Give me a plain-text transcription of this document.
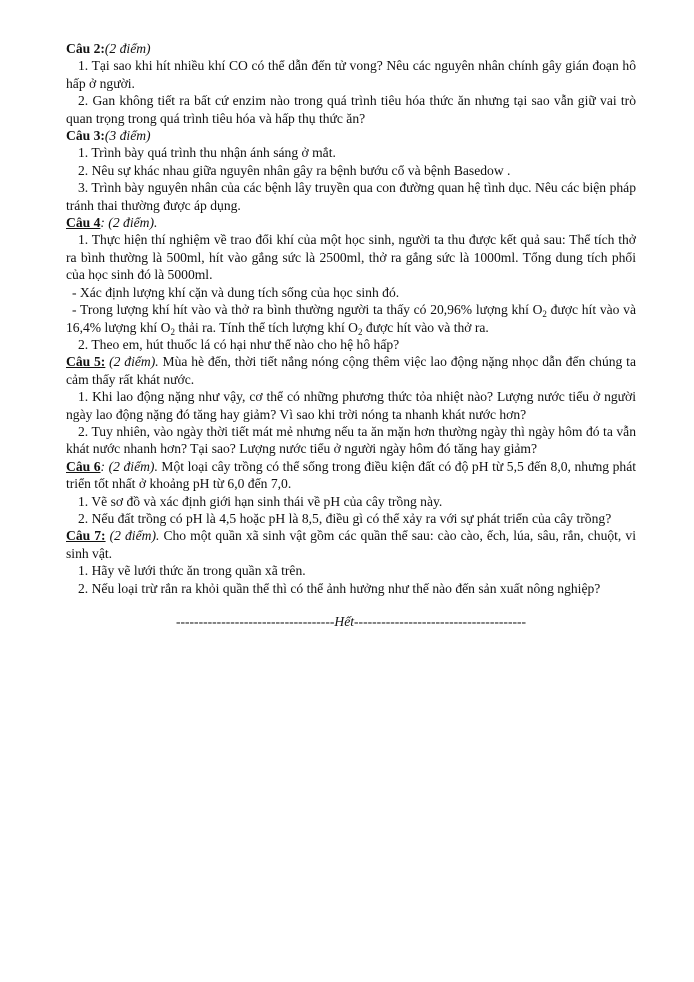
Câu 2:(2 điểm)

1. Tại sao khi hít nhiều khí CO có thể dẫn đến tử vong? Nêu các nguyên nhân chính gây gián đoạn hô hấp ở người.

2. Gan không tiết ra bất cứ enzim nào trong quá trình tiêu hóa thức ăn nhưng tại sao vẫn giữ vai trò quan trọng trong quá trình tiêu hóa và hấp thụ thức ăn?

Câu 3:(3 điểm)

1. Trình bày quá trình thu nhận ánh sáng ở mắt.

2. Nêu sự khác nhau giữa nguyên nhân gây ra bệnh bướu cổ và bệnh Basedow .

3. Trình bày nguyên nhân của các bệnh lây truyền qua con đường quan hệ tình dục. Nêu các biện pháp tránh thai thường được áp dụng.

Câu 4: (2 điểm).

1. Thực hiện thí nghiệm về trao đổi khí của một học sinh, người ta thu được kết quả sau: Thể tích thở ra bình thường là 500ml, hít vào gắng sức là 2500ml, thở ra gắng sức là 1000ml. Tổng dung tích phổi của học sinh đó là 5000ml.

- Xác định lượng khí cặn và dung tích sống của học sinh đó.

- Trong lượng khí hít vào và thở ra bình thường người ta thấy có 20,96% lượng khí $O_2$ được hít vào và 16,4% lượng khí $O_2$ thải ra. Tính thể tích lượng khí $O_2$ được hít vào và thở ra.

2. Theo em, hút thuốc lá có hại như thế nào cho hệ hô hấp?

Câu 5: (2 điểm). Mùa hè đến, thời tiết nắng nóng cộng thêm việc lao động nặng nhọc dẫn đến chúng ta cảm thấy rất khát nước.

1. Khi lao động nặng như vậy, cơ thể có những phương thức tỏa nhiệt nào? Lượng nước tiểu ở người ngày lao động nặng đó tăng hay giảm? Vì sao khi trời nóng ta nhanh khát nước hơn?

2. Tuy nhiên, vào ngày thời tiết mát mẻ nhưng nếu ta ăn mặn hơn thường ngày thì ngày hôm đó ta vẫn khát nước nhanh hơn? Tại sao? Lượng nước tiểu ở người ngày hôm đó tăng hay giảm?

Câu 6: (2 điểm). Một loại cây trồng có thể sống trong điều kiện đất có độ pH từ 5,5 đến 8,0, nhưng phát triển tốt nhất ở khoảng pH từ 6,0 đến 7,0.

1. Vẽ sơ đồ và xác định giới hạn sinh thái về pH của cây trồng này.

2. Nếu đất trồng có pH là 4,5 hoặc pH là 8,5, điều gì có thể xảy ra với sự phát triển của cây trồng?

Câu 7: (2 điểm). Cho một quần xã sinh vật gồm các quần thể sau: cào cào, ếch, lúa, sâu, rắn, chuột, vi sinh vật.

1. Hãy vẽ lưới thức ăn trong quần xã trên.

2. Nếu loại trừ rắn ra khỏi quần thể thì có thể ảnh hưởng như thế nào đến sản xuất nông nghiệp?

-----------------------------------Hết--------------------------------------
